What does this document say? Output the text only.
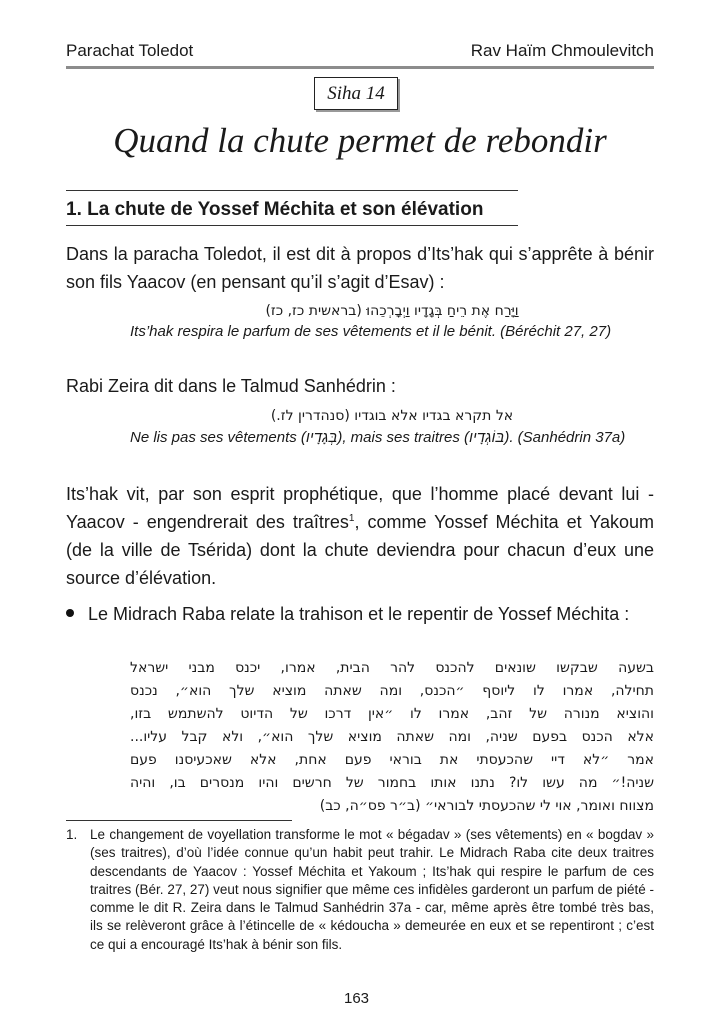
Parachat Toledot	Rav Haïm Chmoulevitch
Siha 14
Quand la chute permet de rebondir
1. La chute de Yossef Méchita et son élévation
Dans la paracha Toledot, il est dit à propos d’Its’hak qui s’apprête à bénir son fils Yaacov (en pensant qu’il s’agit d’Esav) :
וַיָּרַח אֶת רֵיחַ בְּגָדָיו וַיְבָרְכֵהוּ (בראשית כז, כז)
Its’hak respira le parfum de ses vêtements et il le bénit. (Béréchit 27, 27)
Rabi Zeira dit dans le Talmud Sanhédrin :
אל תקרא בגדיו אלא בוגדיו (סנהדרין לז.)
Ne lis pas ses vêtements (בְּגָדָיו), mais ses traitres (בּוֹגְדָיו). (Sanhédrin 37a)
Its’hak vit, par son esprit prophétique, que l’homme placé devant lui - Yaacov - engendrerait des traîtres$^1$, comme Yossef Méchita et Yakoum (de la ville de Tsérida) dont la chute deviendra pour chacun d’eux une source d’élévation.
Le Midrach Raba relate la trahison et le repentir de Yossef Méchita :
בשעה שבקשו שונאים להכנס להר הבית, אמרו, יכנס מבני ישראל
תחילה, אמרו לו ליוסף ״הכנס, ומה שאתה מוציא שלך הוא״, נכנס
והוציא מנורה של זהב, אמרו לו ״אין דרכו של הדיוט להשתמש בזו,
אלא הכנס בפעם שניה, ומה שאתה מוציא שלך הוא״, ולא קבל עליו...
אמר ״לא דיי שהכעסתי את בוראי פעם אחת, אלא שאכעיסנו פעם
שניה!״ מה עשו לו? נתנו אותו בחמור של חרשים והיו מנסרים בו, והיה
מצווח ואומר, אוי לי שהכעסתי לבוראי״ (ב״ר פס״ה, כב)
1. Le changement de voyellation transforme le mot « bégadav » (ses vêtements) en « bogdav » (ses traitres), d’où l’idée connue qu’un habit peut trahir. Le Midrach Raba cite deux traitres descendants de Yaacov : Yossef Méchita et Yakoum ; Its’hak qui respire le parfum de ces traitres (Bér. 27, 27) veut nous signifier que même ces infidèles garderont un parfum de piété - comme le dit R. Zeira dans le Talmud Sanhédrin 37a - car, même après être tombé très bas, ils se relèveront grâce à l’étincelle de « kédoucha » demeurée en eux et se repentiront ; c’est ce qui a encouragé Its’hak à bénir son fils.
163
